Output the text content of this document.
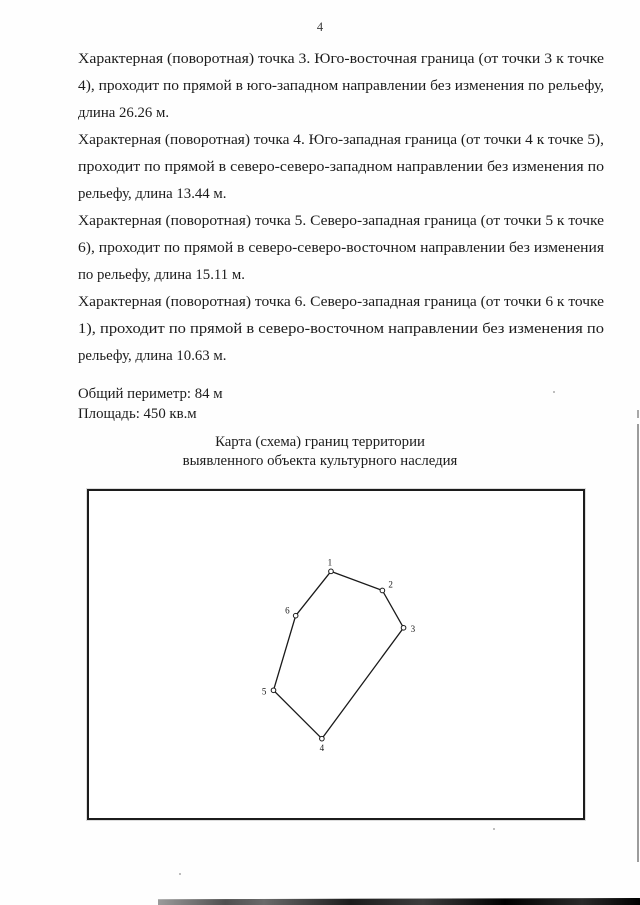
4

Характерная (поворотная) точка 3. Юго-восточная граница (от точки 3 к точке
4), проходит по прямой в юго-западном направлении без изменения по рельефу,
длина 26.26 м.

Характерная (поворотная) точка 4. Юго-западная граница (от точки 4 к точке 5),
проходит по прямой в северо-северо-западном направлении без изменения по
рельефу, длина 13.44 м.

Характерная (поворотная) точка 5. Северо-западная граница (от точки 5 к точке
6), проходит по прямой в северо-северо-восточном направлении без изменения
по рельефу, длина 15.11 м.

Характерная (поворотная) точка 6. Северо-западная граница (от точки 6 к точке
1), проходит по прямой в северо-восточном направлении без изменения по
рельефу, длина 10.63 м.

Общий периметр: 84 м
Площадь: 450 кв.м
Карта (схема) границ территории
выявленного объекта культурного наследия
1
2
3
4
5
6
